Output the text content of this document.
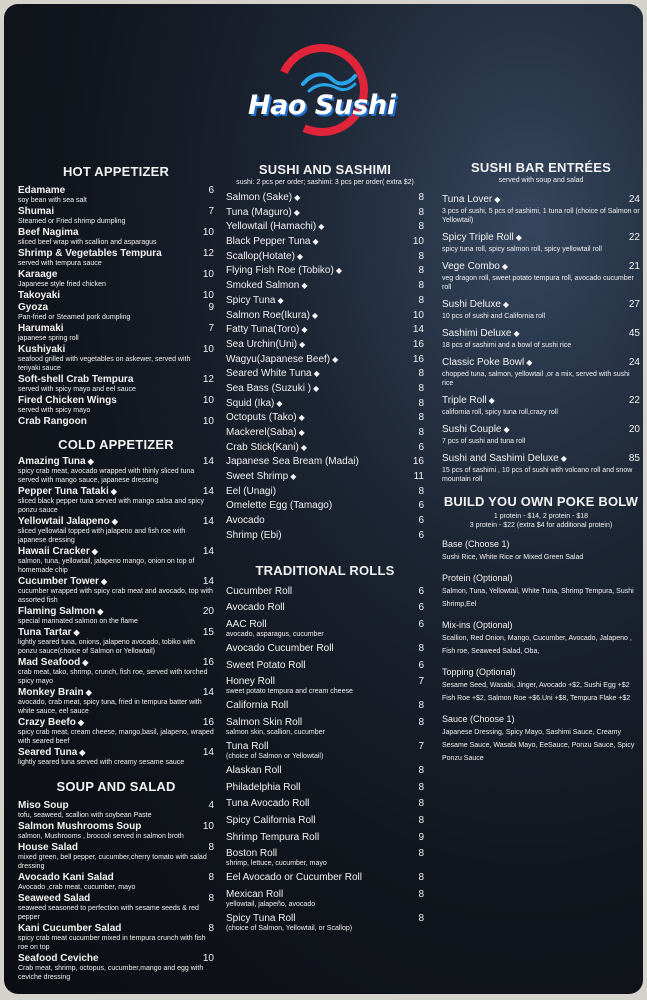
Hao Sushi
HOT APPETIZER
Edamame	6
soy bean with sea salt
Shumai	7
Steamed or Fried shrimp dumpling
Beef Nagima	10
sliced beef wrap with scallion and asparagus
Shrimp & Vegetables Tempura	12
served with tempura sauce
Karaage	10
Japanese style fried chicken
Takoyaki	10
Gyoza	9
Pan-fried or Steamed pork dumpling
Harumaki	7
japanese spring roll
Kushiyaki	10
seafood grilled with vegetables on askewer, served with teriyaki sauce
Soft-shell Crab Tempura	12
served with spicy mayo and eel sauce
Fired Chicken Wings	10
served with spicy mayo
Crab Rangoon	10
COLD APPETIZER
Amazing Tuna ◆	14
spicy crab meat, avocado wrapped with thinly sliced tuna served with mango sauce, japanese dressing
Pepper Tuna Tataki ◆	14
sliced black pepper tuna served with mango salsa and spicy ponzu sauce
Yellowtail Jalapeno ◆	14
sliced yellowtail topped with jalapeno and fish roe with japanese dressing
Hawaii Cracker ◆	14
salmon, tuna, yellowtail, jalapeno mango, onion on top of homemade chip
Cucumber Tower ◆	14
cucumber wrapped with spicy crab meat and avocado, top with assorted fish
Flaming Salmon ◆	20
special marinated salmon on the flame
Tuna Tartar ◆	15
lightly seared tuna, onions, jalapeno avocado, tobiko with ponzu sauce(choice of Salmon or Yellowtail)
Mad Seafood ◆	16
crab meat, tako, shrimp, crunch, fish roe, served with torched spicy mayo
Monkey Brain ◆	14
avocado, crab meat, spicy tuna, fried in tempura batter with white sauce, eel sauce
Crazy Beefo ◆	16
spicy crab meat, cream cheese, mango,basil, jalapeno, wraped with seared beef
Seared Tuna ◆	14
lightly seared tuna served with creamy sesame sauce
SOUP AND SALAD
Miso Soup	4
tofu, seaweed, scallion with soybean Paste
Salmon Mushrooms Soup	10
salmon, Mushrooms , broccoli served in salmon broth
House Salad	8
mixed green, bell pepper, cucumber,cherry tomato with salad dressing
Avocado Kani Salad	8
Avocado ,crab meat, cucumber, mayo
Seaweed Salad	8
seaweed seasoned to perfection with sesame seeds & red pepper
Kani Cucumber Salad	8
spicy crab meat cucumber mixed in tempura crunch with fish roe on top
Seafood Ceviche	10
Crab meat, shrimp, octopus, cucumber,mango and egg with ceviche dressing
SUSHI AND SASHIMI
sushi: 2 pcs per order; sashimi: 3 pcs per order( extra $2)
Salmon (Sake) ◆	8
Tuna (Maguro) ◆	8
Yellowtail (Hamachi) ◆	8
Black Pepper Tuna ◆	10
Scallop(Hotate) ◆	8
Flying Fish Roe (Tobiko) ◆	8
Smoked Salmon ◆	8
Spicy Tuna ◆	8
Salmon Roe(Ikura) ◆	10
Fatty Tuna(Toro) ◆	14
Sea Urchin(Uni) ◆	16
Wagyu(Japanese Beef) ◆	16
Seared White Tuna ◆	8
Sea Bass (Suzuki ) ◆	8
Squid (Ika) ◆	8
Octoputs (Tako) ◆	8
Mackerel(Saba) ◆	8
Crab Stick(Kani) ◆	6
Japanese Sea Bream (Madai)	16
Sweet Shrimp ◆	11
Eel (Unagi)	8
Omelette Egg (Tamago)	6
Avocado	6
Shrimp (Ebi)	6
TRADITIONAL ROLLS
Cucumber Roll	6
Avocado Roll	6
AAC Roll	6
avocado, asparagus, cucumber
Avocado Cucumber Roll	8
Sweet Potato Roll	6
Honey Roll	7
sweet potato tempura and cream cheese
California Roll	8
Salmon Skin Roll	8
salmon skin, scallion, cucumber
Tuna Roll	7
(choice of Salmon or Yellowtail)
Alaskan Roll	8
Philadelphia Roll	8
Tuna Avocado Roll	8
Spicy California Roll	8
Shrimp Tempura Roll	9
Boston Roll	8
shrimp, lettuce, cucumber, mayo
Eel Avocado or Cucumber Roll	8
Mexican Roll	8
yellowtail, jalapeño, avocado
Spicy Tuna Roll	8
(choice of Salmon, Yellowtail, or Scallop)
SUSHI BAR ENTRÉES
served with soup and salad
Tuna Lover ◆	24
3 pcs of sushi, 5 pcs of sashimi, 1 tuna roll (choice of Salmon or Yellowtail)
Spicy Triple Roll ◆	22
spicy tuna roll, spicy salmon roll, spicy yellowtail roll
Vege Combo ◆	21
veg dragon roll, sweet potato tempura roll, avocado cucumber roll
Sushi Deluxe ◆	27
10 pcs of sushi and California roll
Sashimi Deluxe ◆	45
18 pcs of sashimi and a bowl of sushi rice
Classic Poke Bowl ◆	24
chopped tuna, salmon, yellowtail ,or a mix, served with sushi rice
Triple Roll ◆	22
california roll, spicy tuna roll,crazy roll
Sushi Couple ◆	20
7 pcs of sushi and tuna roll
Sushi and Sashimi Deluxe ◆	85
15 pcs of sashimi , 10 pcs of sushi with volcano roll and snow mountain roll
BUILD YOU OWN POKE BOLW
1 protein - $14, 2 protein - $18
3 protein - $22 (extra $4 for additional protein)
Base (Choose 1)
Sushi Rice, White Rice or Mixed Green Salad
Protein (Optional)
Salmon, Tuna, Yellowtail, White Tuna, Shrimp Tempura, Sushi Shrimp,Eel
Mix-ins (Optional)
Scallion, Red Onion, Mango, Cucumber, Avocado, Jalapeno , Fish roe, Seaweed Salad, Oba,
Topping (Optional)
Sesame Seed, Wasabi, Jinger, Avocado +$2, Sushi Egg +$2 Fish Roe +$2, Salmon Roe +$6.Uni +$8, Tempura Flake +$2
Sauce (Choose 1)
Japanese Dressing, Spicy Mayo, Sashimi Sauce, Creamy Sesame Sauce, Wasabi Mayo, EeSauce, Ponzu Sauce, Spicy Ponzu Sauce
